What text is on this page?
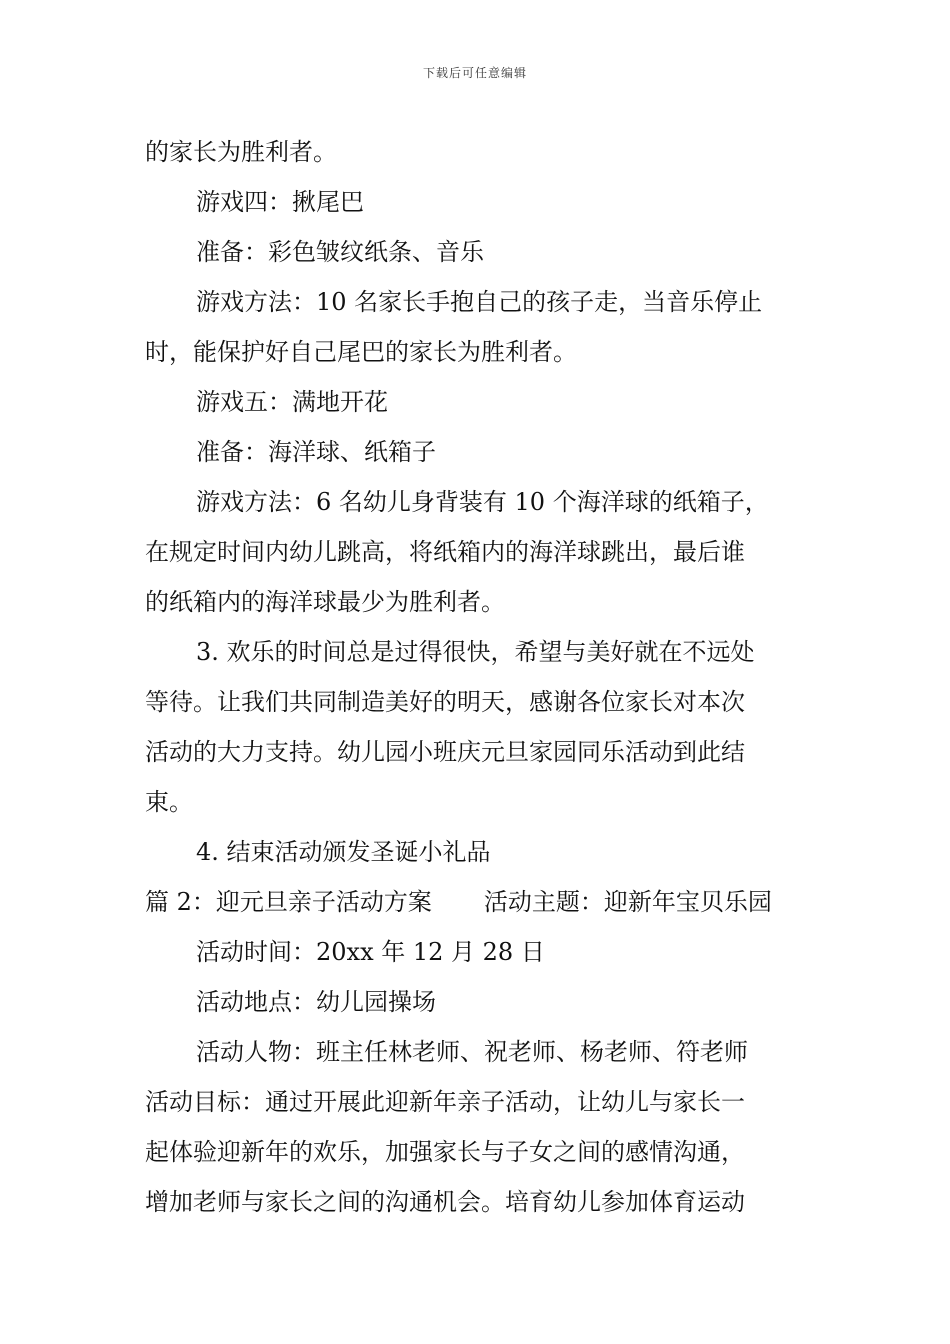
下载后可任意编辑

的家长为胜利者。

游戏四：揪尾巴

准备：彩色皱纹纸条、音乐

游戏方法：10 名家长手抱自己的孩子走，当音乐停止

时，能保护好自己尾巴的家长为胜利者。

游戏五：满地开花

准备：海洋球、纸箱子

游戏方法：6 名幼儿身背装有 10 个海洋球的纸箱子，

在规定时间内幼儿跳高，将纸箱内的海洋球跳出，最后谁

的纸箱内的海洋球最少为胜利者。

3. 欢乐的时间总是过得很快，希望与美好就在不远处

等待。让我们共同制造美好的明天，感谢各位家长对本次

活动的大力支持。幼儿园小班庆元旦家园同乐活动到此结

束。

4. 结束活动颁发圣诞小礼品

篇 2：迎元旦亲子活动方案 活动主题：迎新年宝贝乐园

活动时间：20xx 年 12 月 28 日

活动地点：幼儿园操场

活动人物：班主任林老师、祝老师、杨老师、符老师

活动目标：通过开展此迎新年亲子活动，让幼儿与家长一

起体验迎新年的欢乐，加强家长与子女之间的感情沟通，

增加老师与家长之间的沟通机会。培育幼儿参加体育运动
